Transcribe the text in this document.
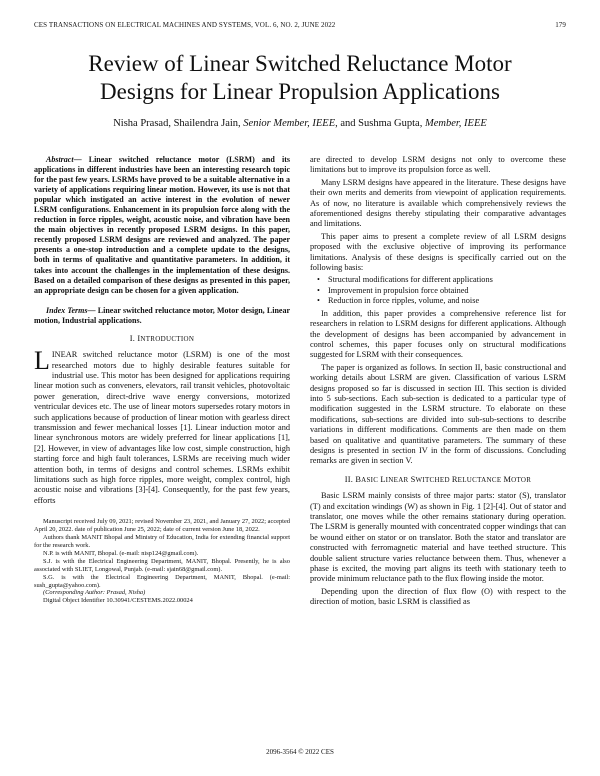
CES TRANSACTIONS ON ELECTRICAL MACHINES AND SYSTEMS, VOL. 6, NO. 2, JUNE 2022	179
Review of Linear Switched Reluctance Motor
Designs for Linear Propulsion Applications
Nisha Prasad, Shailendra Jain, Senior Member, IEEE, and Sushma Gupta, Member, IEEE

Abstract— Linear switched reluctance motor (LSRM) and its applications in different industries have been an interesting research topic for the past few years. LSRMs have proved to be a suitable alternative in a variety of applications requiring linear motion. However, its use is not that popular which instigated an active interest in the evolution of newer LSRM configurations. Enhancement in its propulsion force along with the reduction in force ripples, weight, acoustic noise, and vibration have been the main objectives in recently proposed LSRM designs. In this paper, recently proposed LSRM designs are reviewed and analyzed. The paper presents a one-stop introduction and a complete update to the designs, both in terms of qualitative and quantitative parameters. In addition, it takes into account the challenges in the implementation of these designs. Based on a detailed comparison of these designs as presented in this paper, an appropriate design can be chosen for a given application.

Index Terms— Linear switched reluctance motor, Motor design, Linear motion, Industrial applications.

I. INTRODUCTION

LINEAR switched reluctance motor (LSRM) is one of the most researched motors due to highly desirable features suitable for industrial use. This motor has been designed for applications requiring linear motion such as conveners, elevators, rail transit vehicles, photovoltaic power generation, direct-drive wave energy conversions, motorized ventricular devices etc. The use of linear motors supersedes rotary motors in such applications because of production of linear motion with gearless direct transmission and fewer mechanical losses [1]. Linear induction motor and linear synchronous motors are widely preferred for linear applications [1],[2]. However, in view of advantages like low cost, simple construction, high starting force and high fault tolerances, LSRMs are receiving much wider attention both, in terms of designs and control schemes. LSRMs exhibit limitations such as high force ripples, more weight, complex control, high acoustic noise and vibrations [3]-[4]. Consequently, for the past few years, efforts

Manuscript received July 09, 2021; revised November 23, 2021, and January 27, 2022; accepted April 20, 2022. date of publication June 25, 2022; date of current version June 18, 2022.

Authors thank MANIT Bhopal and Ministry of Education, India for extending financial support for the research work.

N.P. is with MANIT, Bhopal. (e-mail: nisp124@gmail.com).

S.J. is with the Electrical Engineering Department, MANIT, Bhopal. Presently, he is also associated with SLIET, Longowal, Punjab. (e-mail: sjain68@gmail.com).

S.G. is with the Electrical Engineering Department, MANIT, Bhopal. (e-mail: sush_gupta@yahoo.com).

(Corresponding Author: Prasad, Nisha)

Digital Object Identifier 10.30941/CESTEMS.2022.00024

are directed to develop LSRM designs not only to overcome these limitations but to improve its propulsion force as well.

Many LSRM designs have appeared in the literature. These designs have their own merits and demerits from viewpoint of application requirements. As of now, no literature is available which comprehensively reviews the aforementioned designs thereby stipulating their comparative advantages and limitations.

This paper aims to present a complete review of all LSRM designs proposed with the exclusive objective of improving its performance limitations. Analysis of these designs is specifically carried out on the following basis:

• Structural modifications for different applications
• Improvement in propulsion force obtained
• Reduction in force ripples, volume, and noise

In addition, this paper provides a comprehensive reference list for researchers in relation to LSRM designs for different applications. Although the development of designs has been accompanied by advancement in control schemes, this paper focuses only on structural modifications suggested for LSRM with their consequences.

The paper is organized as follows. In section II, basic constructional and working details about LSRM are given. Classification of various LSRM designs proposed so far is discussed in section III. This section is divided into 5 sub-sections. Each sub-section is dedicated to a particular type of modification suggested in the LSRM structure. To elaborate on these modifications, sub-sections are divided into sub-sub-sections to describe variations in different modifications. Comments are then made on them based on qualitative and quantitative parameters. The summary of these designs is presented in section IV in the form of discussions. Concluding remarks are given in section V.

II. BASIC LINEAR SWITCHED RELUCTANCE MOTOR

Basic LSRM mainly consists of three major parts: stator (S), translator (T) and excitation windings (W) as shown in Fig. 1 [2]-[4]. Out of stator and translator, one moves while the other remains stationary during operation. The LSRM is generally mounted with concentrated copper windings that can be wound either on stator or on translator. Both the stator and translator are constructed with ferromagnetic material and have teethed structure. This double salient structure varies reluctance between them. Thus, whenever a phase is excited, the moving part aligns its teeth with stationary teeth to provide minimum reluctance path to the flux flowing inside the motor.

Depending upon the direction of flux flow (O) with respect to the direction of motion, basic LSRM is classified as

2096-3564 © 2022 CES
